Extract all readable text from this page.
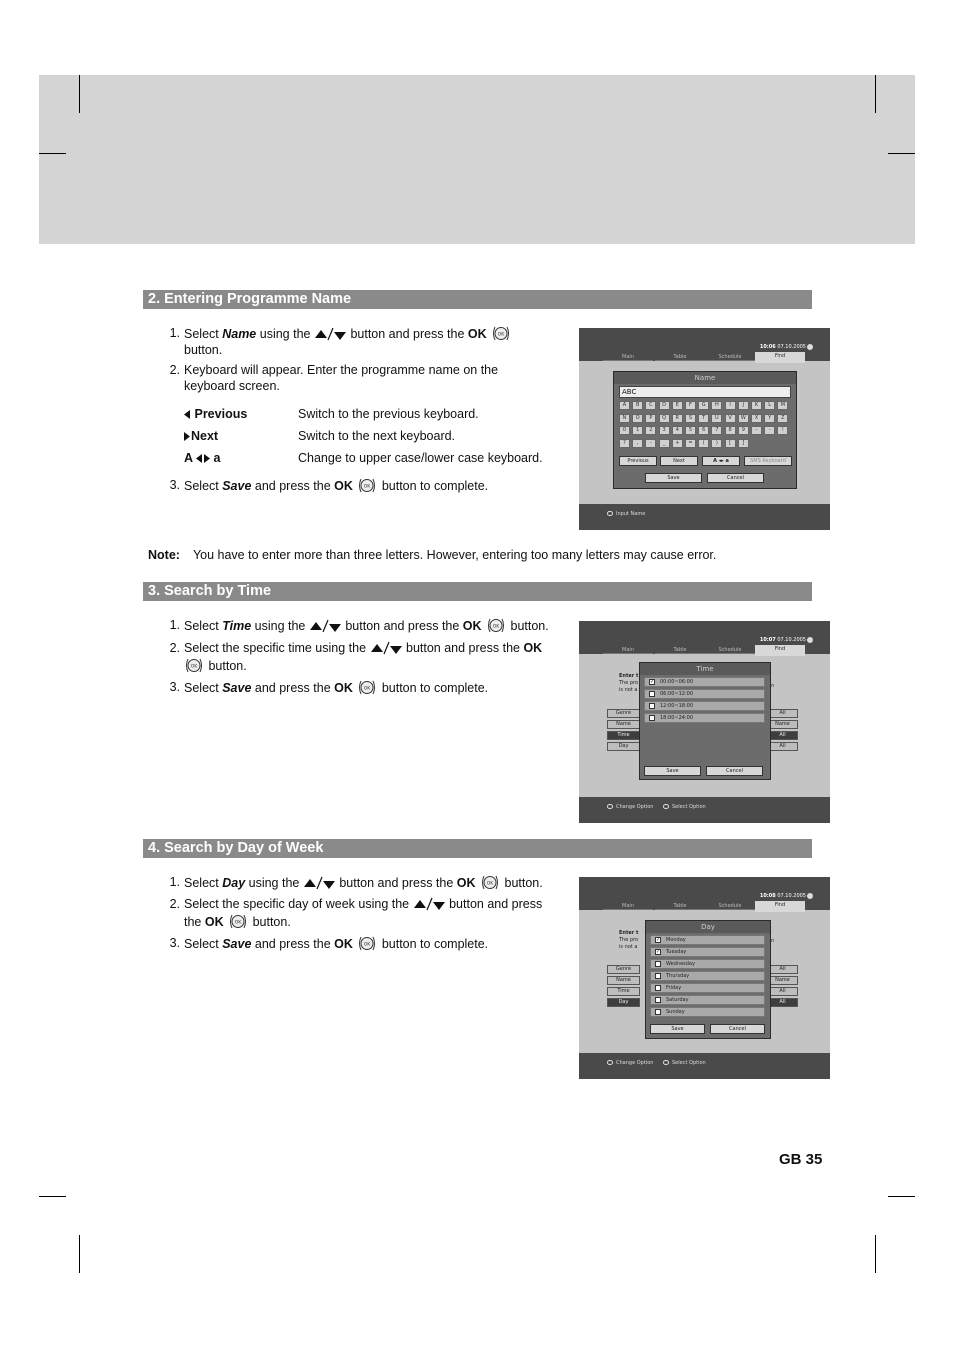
2. Entering Programme Name
1. Select Name using the	button and press the OK OK
button.
2. Keyboard will appear. Enter the programme name on the
keyboard screen.
Previous	Switch to the previous keyboard.
Next	Switch to the next keyboard.
A a	Change to upper case/lower case keyboard.
3. Select Save and press the OK OK button to complete.
10:06 07.10.2005
Main	Table	Schedule	Find
Name
ABC
A	B	C	D	E	F	G	H	I	J	K	L	M
N	O	P	Q	R	S	T	U	V	W	X	Y	Z
0	1	2	3	4	5	6	7	8	9	-	-	!
?	,	-	_	+	=	(	)	[	]
Previous	Next	A ◂▸ a	SMS Keyboard
Save	Cancel
Input Name
Note: You have to enter more than three letters. However, entering too many letters may cause error.
3. Search by Time
1. Select Time using the	button and press the OK OK button.
2. Select the specific time using the	button and press the OK
OK button.
3. Select Save and press the OK OK button to complete.
10:07 07.10.2005
Main	Table	Schedule	Find
Enter t
The pro
is not a
n
Genre
Name
Time
Day
All
Name
All
All
Time
✓ 00:00~06:00
06:00~12:00
12:00~18:00
18:00~24:00
Save	Cancel
Change Option	Select Option
4. Search by Day of Week
1. Select Day using the	button and press the OK OK button.
2. Select the specific day of week using the	button and press
the OK OK button.
3. Select Save and press the OK OK button to complete.
10:08 07.10.2005
Main	Table	Schedule	Find
Enter t
The pro
is not a
n
Genre
Name
Time
Day
All
Name
All
All
Day
✓ Monday
✓ Tuesday
Wednesday
Thursday
Friday
Saturday
Sunday
Save	Cancel
Change Option	Select Option
GB 35
